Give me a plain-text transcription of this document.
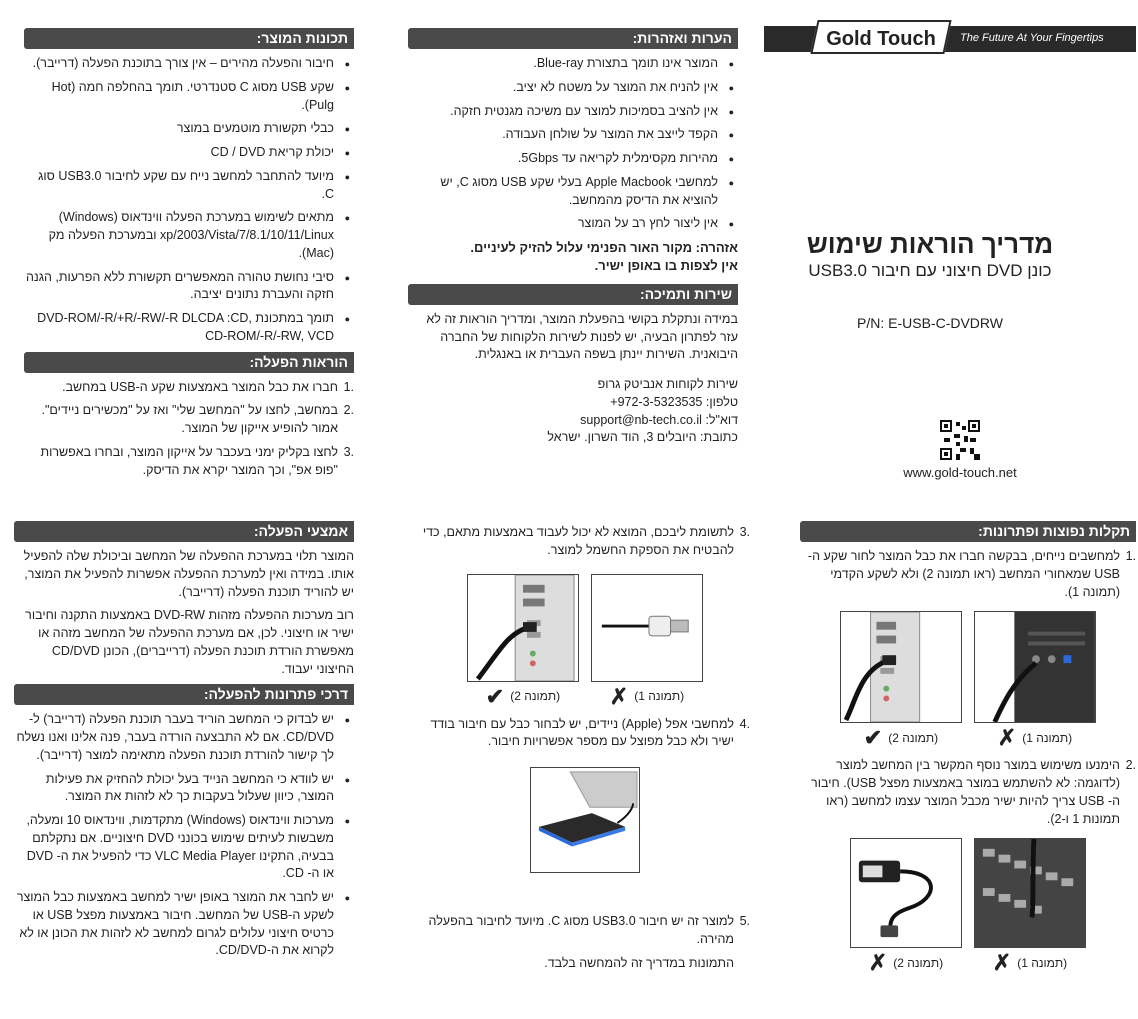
Gold Touch	The Future At Your Fingertips
מדריך הוראות שימוש
כונן DVD חיצוני עם חיבור USB3.0
P/N: E-USB-C-DVDRW
www.gold-touch.net
תכונות המוצר:
● חיבור והפעלה מהירים – אין צורך בתוכנת הפעלה (דרייבר).
● שקע USB מסוג C סטנדרטי. תומך בהחלפה חמה (Hot Pulg).
● כבלי תקשורת מוטמעים במוצר
● יכולת קריאת CD / DVD
● מיועד להתחבר למחשב נייח עם שקע לחיבור USB3.0 סוג C.
● מתאים לשימוש במערכת הפעלה ווינדאוס (Windows) xp/2003/Vista/7/8.1/10/11/Linux ובמערכת הפעלה מק (Mac).
● סיבי נחושת טהורה המאפשרים תקשורת ללא הפרעות, הגנה חזקה והעברת נתונים יציבה.
● תומך במתכונת DVD-ROM/-R/+R/-RW/-R DLCDA :CD, CD-ROM/-R/-RW, VCD
הוראות הפעלה:
.1
חברו את כבל המוצר באמצעות שקע ה-USB במחשב.
.2
במחשב, לחצו על "המחשב שלי" ואז על "מכשירים ניידים". אמור להופיע אייקון של המוצר.
.3
לחצו בקליק ימני בעכבר על אייקון המוצר, ובחרו באפשרות "פופ אפ", וכך המוצר יקרא את הדיסק.
הערות ואזהרות:
● המוצר אינו תומך בתצורת Blue-ray.
● אין להניח את המוצר על משטח לא יציב.
● אין להציב בסמיכות למוצר עם משיכה מגנטית חזקה.
● הקפד לייצב את המוצר על שולחן העבודה.
● מהירות מקסימלית לקריאה עד 5Gbps.
● למחשבי Apple Macbook בעלי שקע USB מסוג C, יש להוציא את הדיסק מהמחשב.
● אין ליצור לחץ רב על המוצר
אזהרה: מקור האור הפנימי עלול להזיק לעיניים.
אין לצפות בו באופן ישיר.
שירות ותמיכה:
במידה ונתקלת בקושי בהפעלת המוצר, ומדריך הוראות זה לא עזר לפתרון הבעיה, יש לפנות לשירות הלקוחות של החברה היבואנית. השירות יינתן בשפה העברית או באנגלית.
שירות לקוחות אנביטק גרופ
טלפון: +972-3-5323535
דוא"ל: support@nb-tech.co.il
כתובת: היובלים 3, הוד השרון. ישראל
תקלות נפוצות ופתרונות:
.1
למחשבים נייחים, בבקשה חברו את כבל המוצר לחור שקע ה-USB שמאחורי המחשב (ראו תמונה 2) ולא לשקע הקדמי (תמונה 1).
(תמונה 2)
✔	(תמונה 1)
✗
.2
הימנעו משימוש במוצר נוסף המקשר בין המחשב למוצר (לדוגמה: לא להשתמש במוצר באמצעות מפצל USB). חיבור ה- USB צריך להיות ישיר מכבל המוצר עצמו למחשב (ראו תמונות 1 ו-2).
(תמונה 2)
✗	(תמונה 1)
✗
.3
לתשומת ליבכם, המוצא לא יכול לעבוד באמצעות מתאם, כדי להבטיח את הספקת החשמל למוצר.
(תמונה 2)
✔	(תמונה 1)
✗
.4
למחשבי אפל (Apple) ניידים, יש לבחור כבל עם חיבור בודד ישיר ולא כבל מפוצל עם מספר אפשרויות חיבור.
.5
למוצר זה יש חיבור USB3.0 מסוג C. מיועד לחיבור בהפעלה מהירה.
התמונות במדריך זה להמחשה בלבד.
אמצעי הפעלה:
המוצר תלוי במערכת ההפעלה של המחשב וביכולת שלה להפעיל אותו. במידה ואין למערכת ההפעלה אפשרות להפעיל את המוצר, יש להוריד תוכנת הפעלה (דרייבר).
רוב מערכות ההפעלה מזהות DVD-RW באמצעות התקנה וחיבור ישיר או חיצוני. לכן, אם מערכת ההפעלה של המחשב מזהה או מאפשרת הורדת תוכנת הפעלה (דרייברים), הכונן CD/DVD החיצוני יעבוד.
דרכי פתרונות להפעלה:
● יש לבדוק כי המחשב הוריד בעבר תוכנת הפעלה (דרייבר) ל-CD/DVD. אם לא התבצעה הורדה בעבר, פנה אלינו ואנו נשלח לך קישור להורדת תוכנת הפעלה מתאימה למוצר (דרייבר).
● יש לוודא כי המחשב הנייד בעל יכולת להחזיק את פעילות המוצר, כיוון שעלול בעקבות כך לא לזהות את המוצר.
● מערכות ווינדאוס (Windows) מתקדמות, ווינדאוס 10 ומעלה, משבשות לעיתים שימוש בכונני DVD חיצוניים. אם נתקלתם בבעיה, התקינו VLC Media Player כדי להפעיל את ה- DVD או ה- CD.
● יש לחבר את המוצר באופן ישיר למחשב באמצעות כבל המוצר לשקע ה-USB של המחשב. חיבור באמצעות מפצל USB או כרטיס חיצוני עלולים לגרום למחשב לא לזהות את הכונן או לא לקרוא את ה-CD/DVD.
